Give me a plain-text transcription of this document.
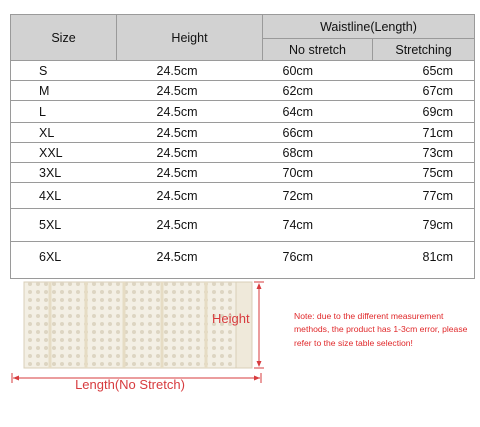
Size	Height	Waistline(Length)	
		No stretch	Stretching
S	24.5cm	60cm	65cm
M	24.5cm	62cm	67cm
L	24.5cm	64cm	69cm
XL	24.5cm	66cm	71cm
XXL	24.5cm	68cm	73cm
3XL	24.5cm	70cm	75cm
4XL	24.5cm	72cm	77cm
5XL	24.5cm	74cm	79cm
6XL	24.5cm	76cm	81cm
Height
Length(No Stretch)
Note: due to the different measurement methods, the product has 1-3cm error, please refer to the size table selection!
